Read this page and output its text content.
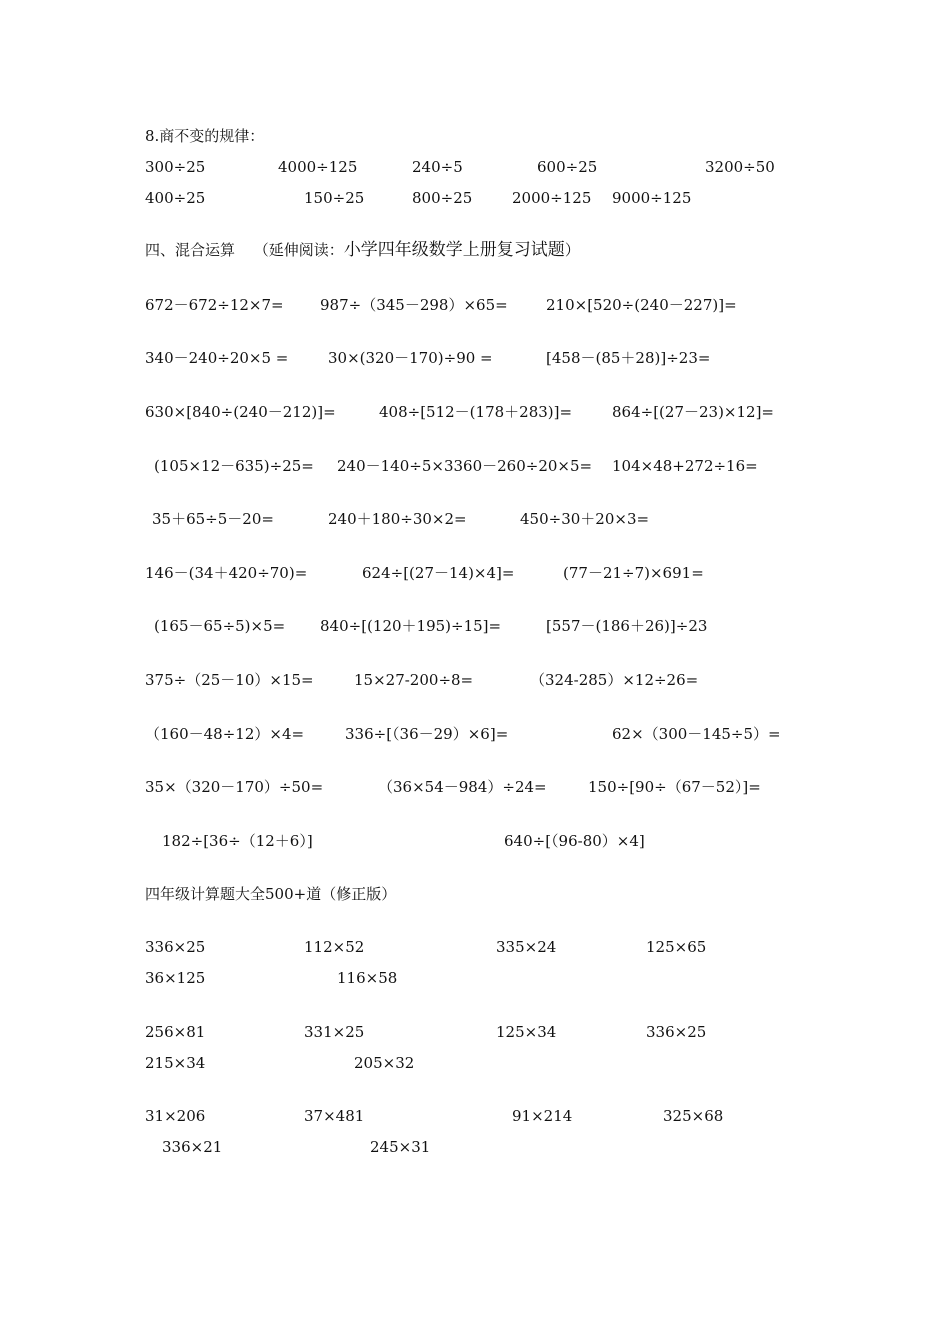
8.商不变的规律：
300÷25	4000÷125	240÷5	600÷25	3200÷50
400÷25	150÷25	800÷25	2000÷125 9000÷125
四、混合运算 （延伸阅读：小学四年级数学上册复习试题）
672－672÷12×7= 987÷（345－298）×65=	210×[520÷(240－227)]=
340－240÷20×5 =	30×(320－170)÷90 =	[458－(85＋28)]÷23=
630×[840÷(240－212)]=	408÷[512－(178＋283)]=	864÷[(27－23)×12]=
(105×12－635)÷25= 240－140÷5×3360－260÷20×5= 104×48+272÷16=
35＋65÷5－20=	240＋180÷30×2=	450÷30＋20×3=
146－(34＋420÷70)=	624÷[(27－14)×4]=	(77－21÷7)×691=
(165－65÷5)×5= 840÷[(120＋195)÷15]=	[557－(186＋26)]÷23
375÷（25－10）×15=	15×27-200÷8=	（324-285）×12÷26=
（160－48÷12）×4=	336÷[（36－29）×6]=	62×（300－145÷5）=
35×（320－170）÷50=	（36×54－984）÷24=	150÷[90÷（67－52）]=
182÷[36÷（12＋6）]	640÷[（96-80）×4]
四年级计算题大全500+道（修正版）
336×25	112×52	335×24	125×65
36×125	116×58
256×81	331×25	125×34	336×25
215×34	205×32
31×206	37×481	91×214	325×68
336×21	245×31
